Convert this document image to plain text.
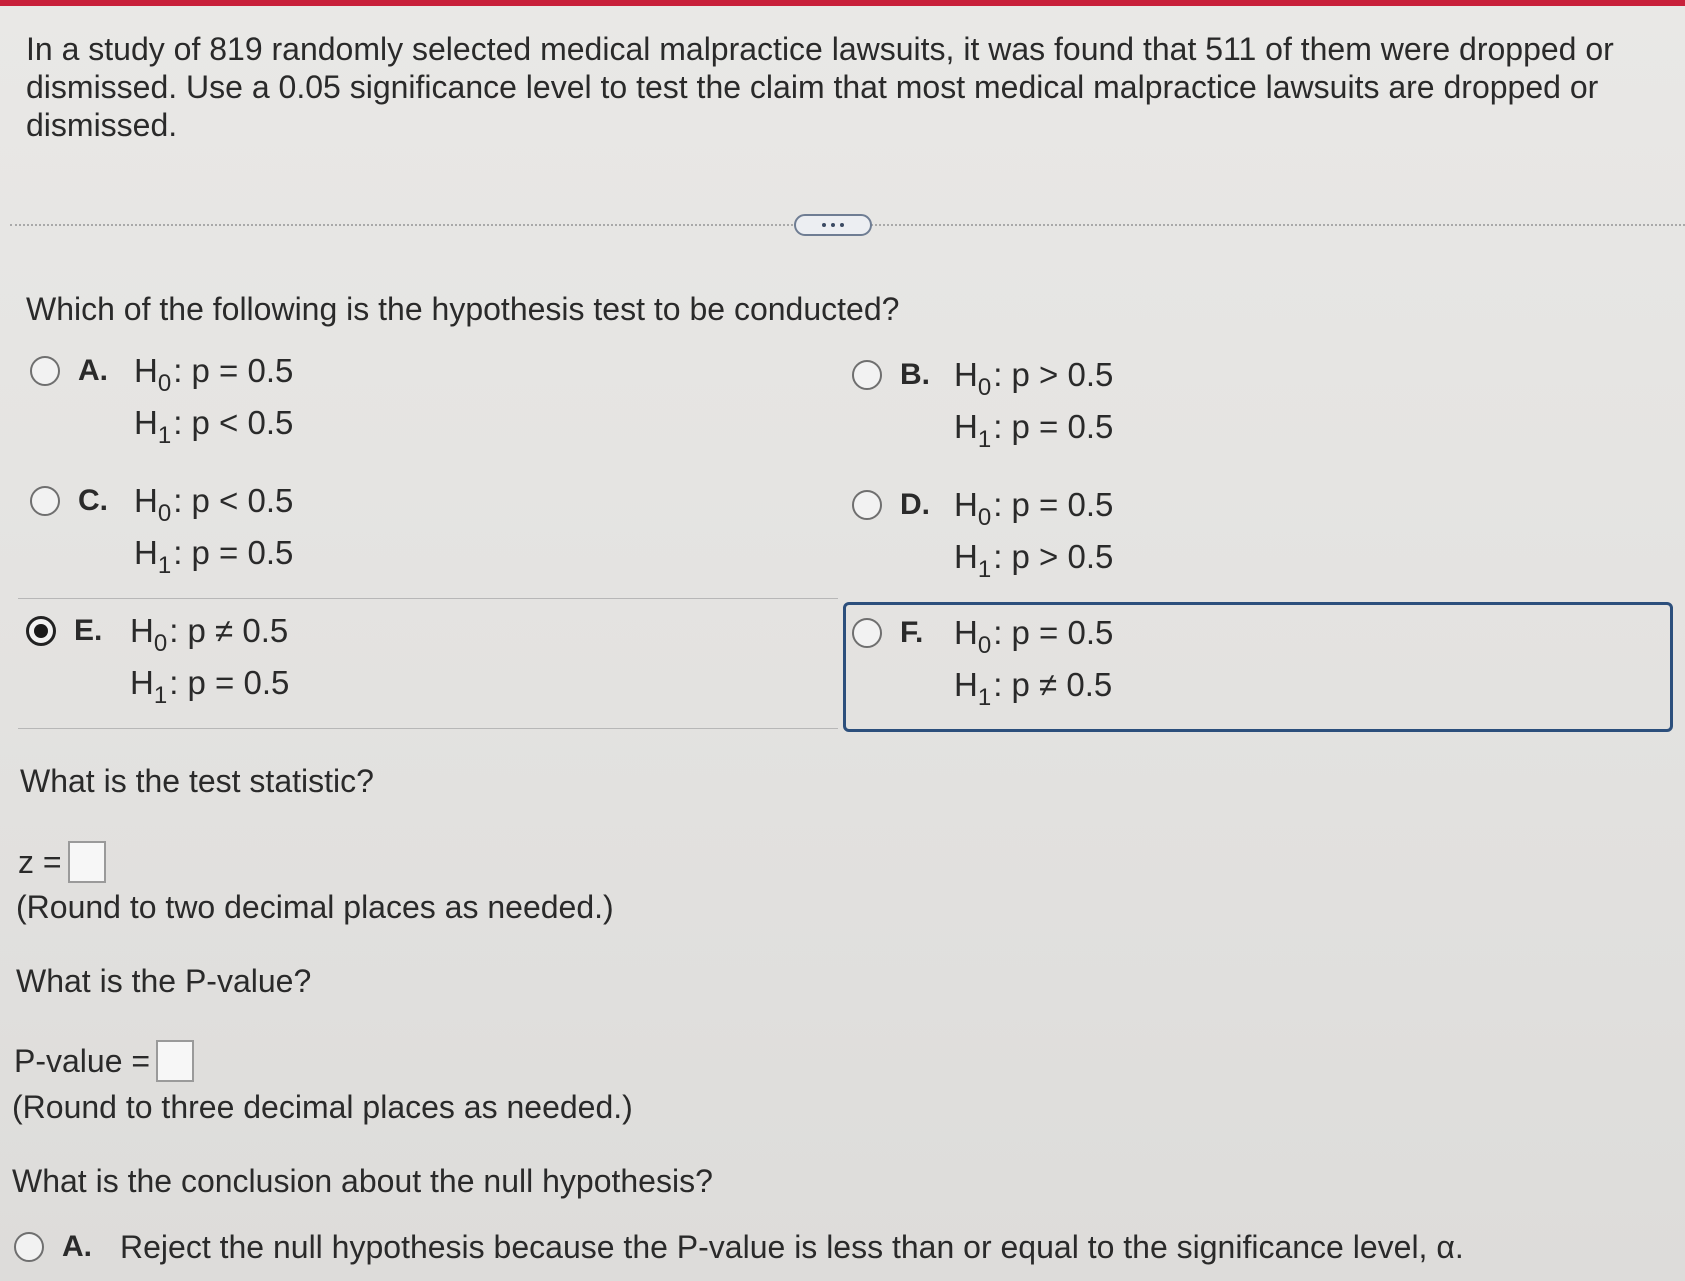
In a study of 819 randomly selected medical malpractice lawsuits, it was found that 511 of them were dropped or dismissed. Use a 0.05 significance level to test the claim that most medical malpractice lawsuits are dropped or dismissed.
Which of the following is the hypothesis test to be conducted?
A. $H_0$: p = 0.5
$H_1$: p < 0.5
B. $H_0$: p > 0.5
$H_1$: p = 0.5
C. $H_0$: p < 0.5
$H_1$: p = 0.5
D. $H_0$: p = 0.5
$H_1$: p > 0.5
E. $H_0$: p ≠ 0.5
$H_1$: p = 0.5
F. $H_0$: p = 0.5
$H_1$: p ≠ 0.5
What is the test statistic?
z =
(Round to two decimal places as needed.)
What is the P-value?
P-value =
(Round to three decimal places as needed.)
What is the conclusion about the null hypothesis?
A. Reject the null hypothesis because the P-value is less than or equal to the significance level, α.
